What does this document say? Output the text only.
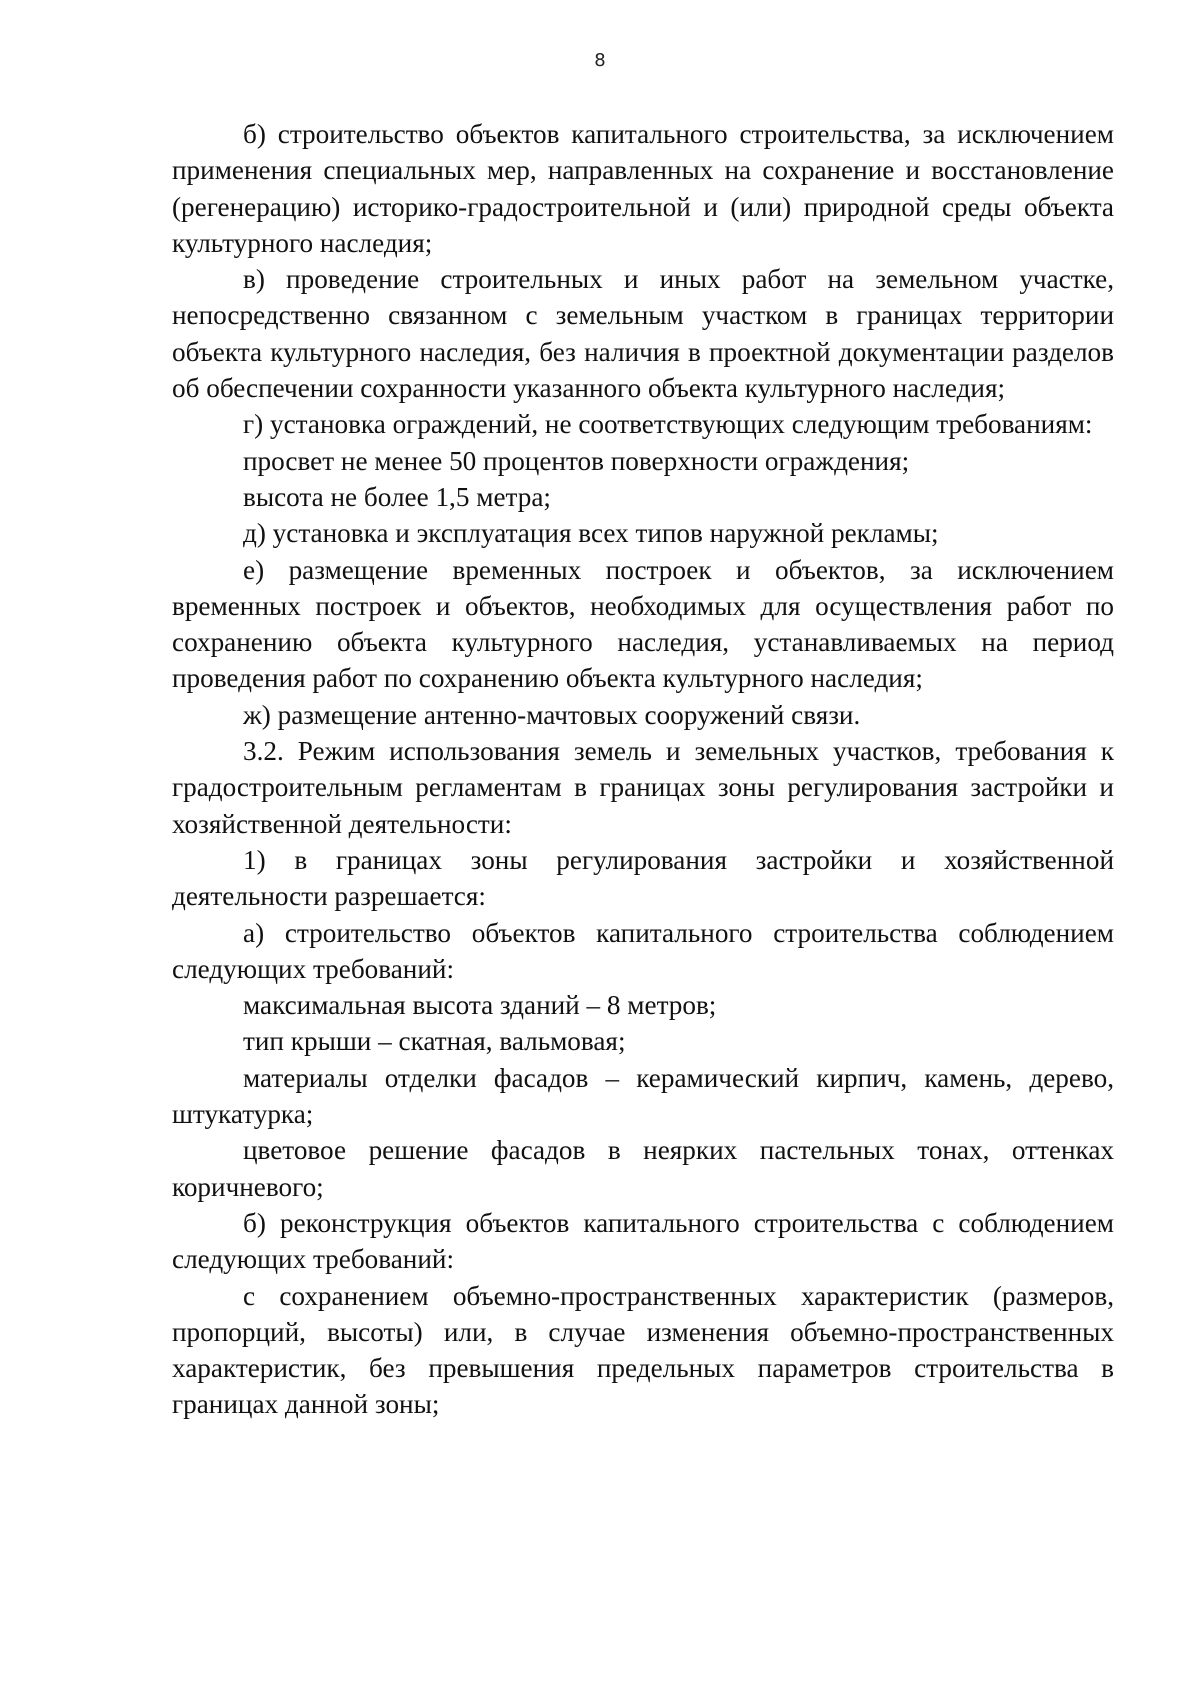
8

б) строительство объектов капитального строительства, за исключением применения специальных мер, направленных на сохранение и восстановление (регенерацию) историко-градостроительной и (или) природной среды объекта культурного наследия;

в) проведение строительных и иных работ на земельном участке, непосредственно связанном с земельным участком в границах территории объекта культурного наследия, без наличия в проектной документации разделов об обеспечении сохранности указанного объекта культурного наследия;

г) установка ограждений, не соответствующих следующим требованиям:

просвет не менее 50 процентов поверхности ограждения;

высота не более 1,5 метра;

д) установка и эксплуатация всех типов наружной рекламы;

е) размещение временных построек и объектов, за исключением временных построек и объектов, необходимых для осуществления работ по сохранению объекта культурного наследия, устанавливаемых на период проведения работ по сохранению объекта культурного наследия;

ж) размещение антенно-мачтовых сооружений связи.

3.2. Режим использования земель и земельных участков, требования к градостроительным регламентам в границах зоны регулирования застройки и хозяйственной деятельности:

1) в границах зоны регулирования застройки и хозяйственной деятельности разрешается:

а) строительство объектов капитального строительства соблюдением следующих требований:

максимальная высота зданий – 8 метров;

тип крыши – скатная, вальмовая;

материалы отделки фасадов – керамический кирпич, камень, дерево, штукатурка;

цветовое решение фасадов в неярких пастельных тонах, оттенках коричневого;

б) реконструкция объектов капитального строительства с соблюдением следующих требований:

с сохранением объемно-пространственных характеристик (размеров, пропорций, высоты) или, в случае изменения объемно-пространственных характеристик, без превышения предельных параметров строительства в границах данной зоны;
